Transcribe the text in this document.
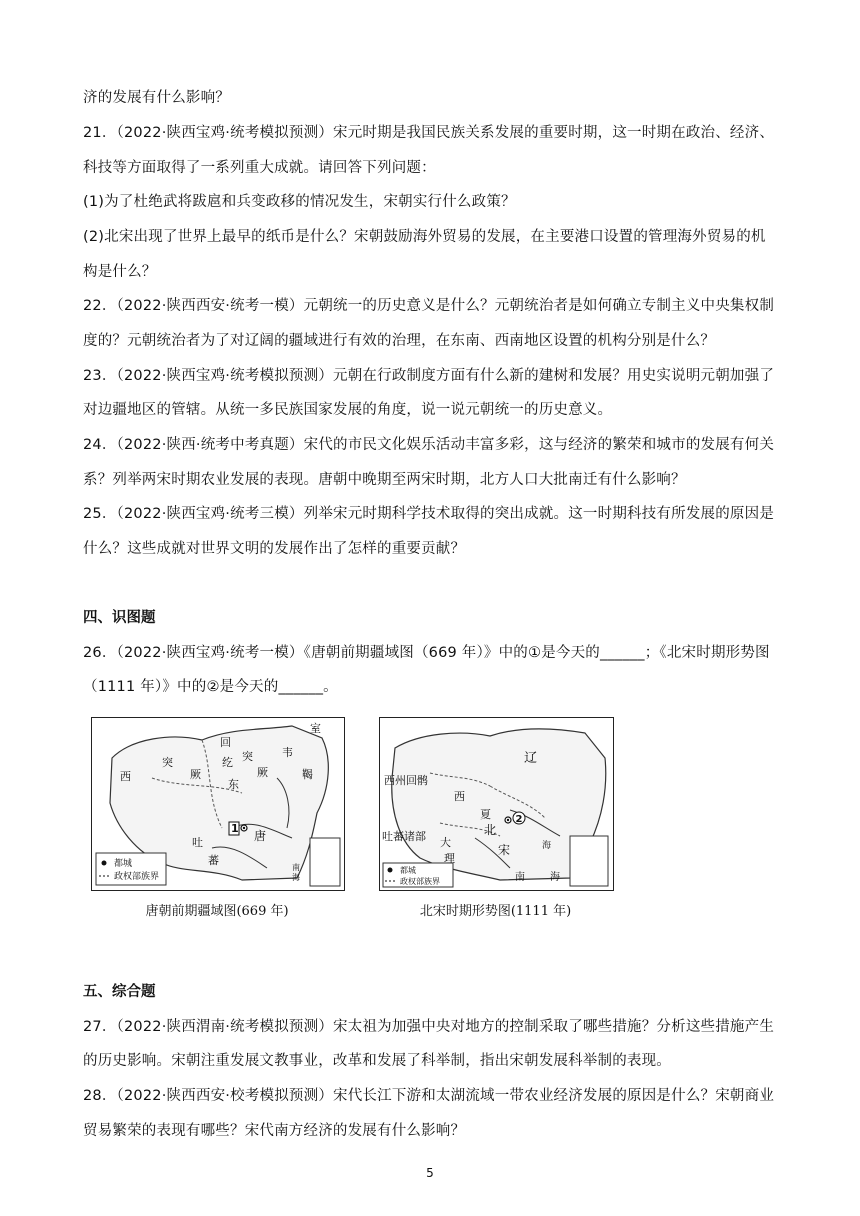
济的发展有什么影响？
21．（2022·陕西宝鸡·统考模拟预测）宋元时期是我国民族关系发展的重要时期，这一时期在政治、经济、
科技等方面取得了一系列重大成就。请回答下列问题：
(1)为了杜绝武将跋扈和兵变政移的情况发生，宋朝实行什么政策？
(2)北宋出现了世界上最早的纸币是什么？宋朝鼓励海外贸易的发展，在主要港口设置的管理海外贸易的机
构是什么？
22．（2022·陕西西安·统考一模）元朝统一的历史意义是什么？元朝统治者是如何确立专制主义中央集权制
度的？元朝统治者为了对辽阔的疆域进行有效的治理，在东南、西南地区设置的机构分别是什么？
23．（2022·陕西宝鸡·统考模拟预测）元朝在行政制度方面有什么新的建树和发展？用史实说明元朝加强了
对边疆地区的管辖。从统一多民族国家发展的角度，说一说元朝统一的历史意义。
24．（2022·陕西·统考中考真题）宋代的市民文化娱乐活动丰富多彩，这与经济的繁荣和城市的发展有何关
系？列举两宋时期农业发展的表现。唐朝中晚期至两宋时期，北方人口大批南迁有什么影响？
25．（2022·陕西宝鸡·统考三模）列举宋元时期科学技术取得的突出成就。这一时期科技有所发展的原因是
什么？这些成就对世界文明的发展作出了怎样的重要贡献？
四、识图题
26．（2022·陕西宝鸡·统考一模）《唐朝前期疆域图（669 年）》中的①是今天的______；《北宋时期形势图
（1111 年）》中的②是今天的______。
都城
政权部族界
回
纥
室
韦
鞨
西
突
厥
东
突
厥
吐
蕃
唐
南
海
1
唐朝前期疆域图(669 年)
都城
政权部族界
辽
西州回鹘
西
夏
吐蕃诸部	北
大
理
宋	海
南	海
2
北宋时期形势图(1111 年)
五、综合题
27．（2022·陕西渭南·统考模拟预测）宋太祖为加强中央对地方的控制采取了哪些措施？分析这些措施产生
的历史影响。宋朝注重发展文教事业，改革和发展了科举制，指出宋朝发展科举制的表现。
28．（2022·陕西西安·校考模拟预测）宋代长江下游和太湖流域一带农业经济发展的原因是什么？宋朝商业
贸易繁荣的表现有哪些？宋代南方经济的发展有什么影响？
5
